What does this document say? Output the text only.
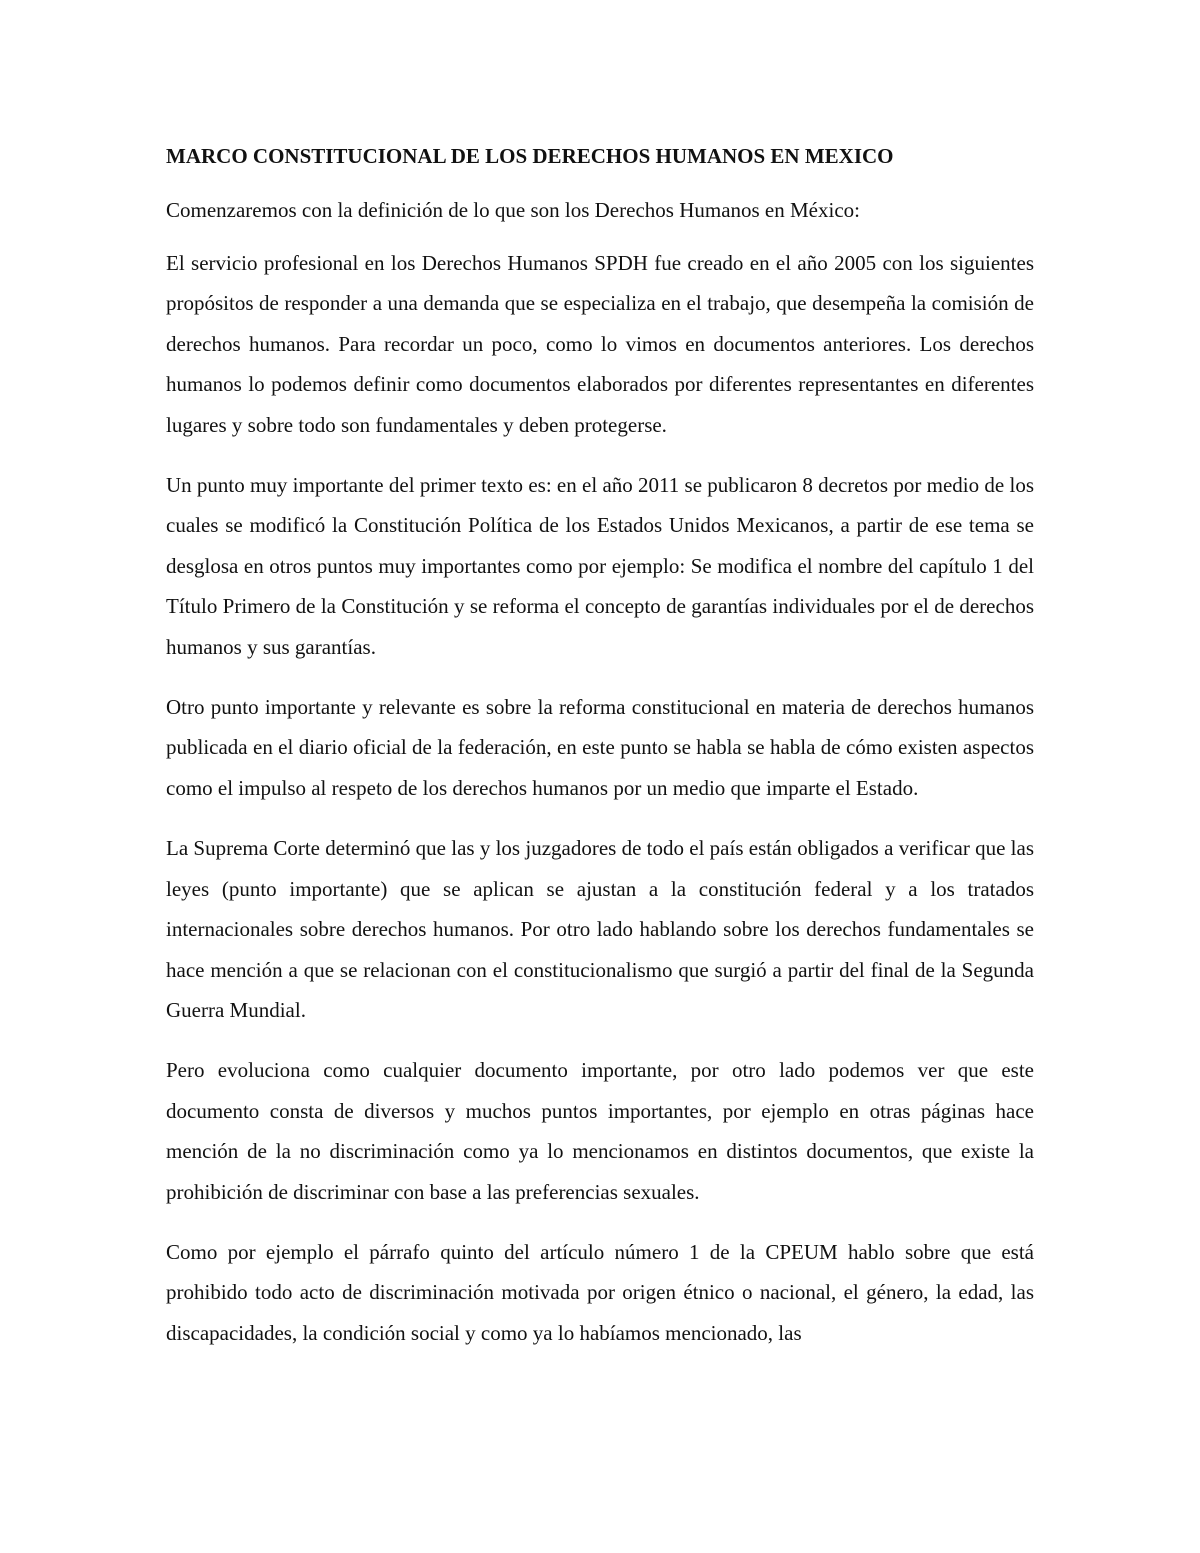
MARCO CONSTITUCIONAL DE LOS DERECHOS HUMANOS EN MEXICO

Comenzaremos con la definición de lo que son los Derechos Humanos en México:

El servicio profesional en los Derechos Humanos SPDH fue creado en el año 2005 con los siguientes propósitos de responder a una demanda que se especializa en el trabajo, que desempeña la comisión de derechos humanos. Para recordar un poco, como lo vimos en documentos anteriores. Los derechos humanos lo podemos definir como documentos elaborados por diferentes representantes en diferentes lugares y sobre todo son fundamentales y deben protegerse.

Un punto muy importante del primer texto es: en el año 2011 se publicaron 8 decretos por medio de los cuales se modificó la Constitución Política de los Estados Unidos Mexicanos, a partir de ese tema se desglosa en otros puntos muy importantes como por ejemplo: Se modifica el nombre del capítulo 1 del Título Primero de la Constitución y se reforma el concepto de garantías individuales por el de derechos humanos y sus garantías.

Otro punto importante y relevante es sobre la reforma constitucional en materia de derechos humanos publicada en el diario oficial de la federación, en este punto se habla se habla de cómo existen aspectos como el impulso al respeto de los derechos humanos por un medio que imparte el Estado.

La Suprema Corte determinó que las y los juzgadores de todo el país están obligados a verificar que las leyes (punto importante) que se aplican se ajustan a la constitución federal y a los tratados internacionales sobre derechos humanos. Por otro lado hablando sobre los derechos fundamentales se hace mención a que se relacionan con el constitucionalismo que surgió a partir del final de la Segunda Guerra Mundial.

Pero evoluciona como cualquier documento importante, por otro lado podemos ver que este documento consta de diversos y muchos puntos importantes, por ejemplo en otras páginas hace mención de la no discriminación como ya lo mencionamos en distintos documentos, que existe la prohibición de discriminar con base a las preferencias sexuales.

Como por ejemplo el párrafo quinto del artículo número 1 de la CPEUM hablo sobre que está prohibido todo acto de discriminación motivada por origen étnico o nacional, el género, la edad, las discapacidades, la condición social y como ya lo habíamos mencionado, las
